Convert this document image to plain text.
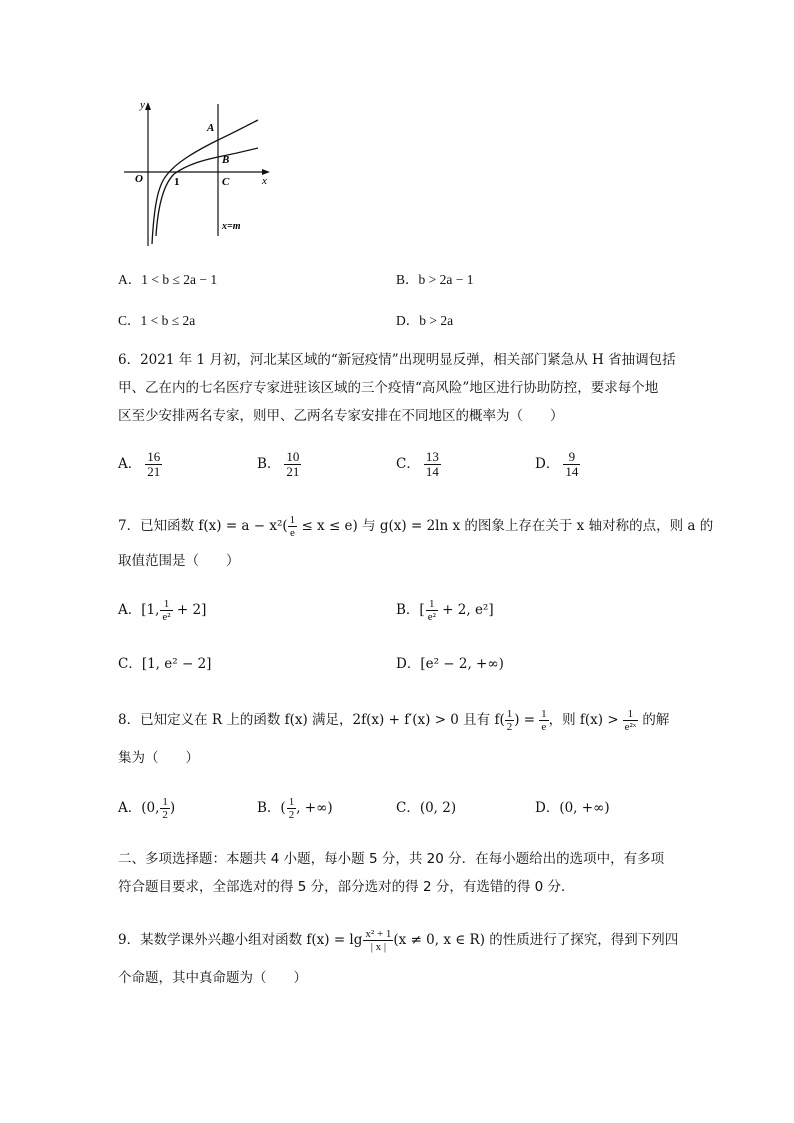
y
x
O	1
A
B
C
x=m
A．1 < b ≤ 2a − 1	B．b > 2a − 1
C．1 < b ≤ 2a	D．b > 2a
6．2021 年 1 月初，河北某区域的“新冠疫情”出现明显反弹，相关部门紧急从 H 省抽调包括
甲、乙在内的七名医疗专家进驻该区域的三个疫情“高风险”地区进行协助防控，要求每个地
区至少安排两名专家，则甲、乙两名专家安排在不同地区的概率为（　　）
A． $\frac{16}{21}$	B． $\frac{10}{21}$	C． $\frac{13}{14}$	D． $\frac{9}{14}$
7．已知函数 $f(x) = a - x^2( \frac{1}{e} \le x \le e)$ 与 g(x) = 2ln x 的图象上存在关于 x 轴对称的点，则 a 的
取值范围是（　　）
A．[1, $\frac{1}{\text{e²}} + 2$]	B．[ $\frac{1}{\text{e²}} + 2$, e²]
C．[1, e² − 2]	D．[e² − 2, +∞)
8．已知定义在 R 上的函数 f(x) 满足，2f(x) + f′(x) > 0 且有 $f( \frac{1}{2}$ ) = $\frac{1}{e}$ ，则 $f(x) > \frac{1}{\text{e²ˣ}}$ 的解
集为（　　）
A．(0, $\frac{1}{2}$ )	B．( $\frac{1}{2}$ , +∞)	C．(0, 2)	D．(0, +∞)
二、多项选择题：本题共 4 小题，每小题 5 分，共 20 分．在每小题给出的选项中，有多项
符合题目要求，全部选对的得 5 分，部分选对的得 2 分，有选错的得 0 分．
9．某数学课外兴趣小组对函数 $f(x) = \lg \frac{\text{x² + 1}}{| x |} (x \ne 0$, x ∈ R) 的性质进行了探究，得到下列四
个命题，其中真命题为（　　）
